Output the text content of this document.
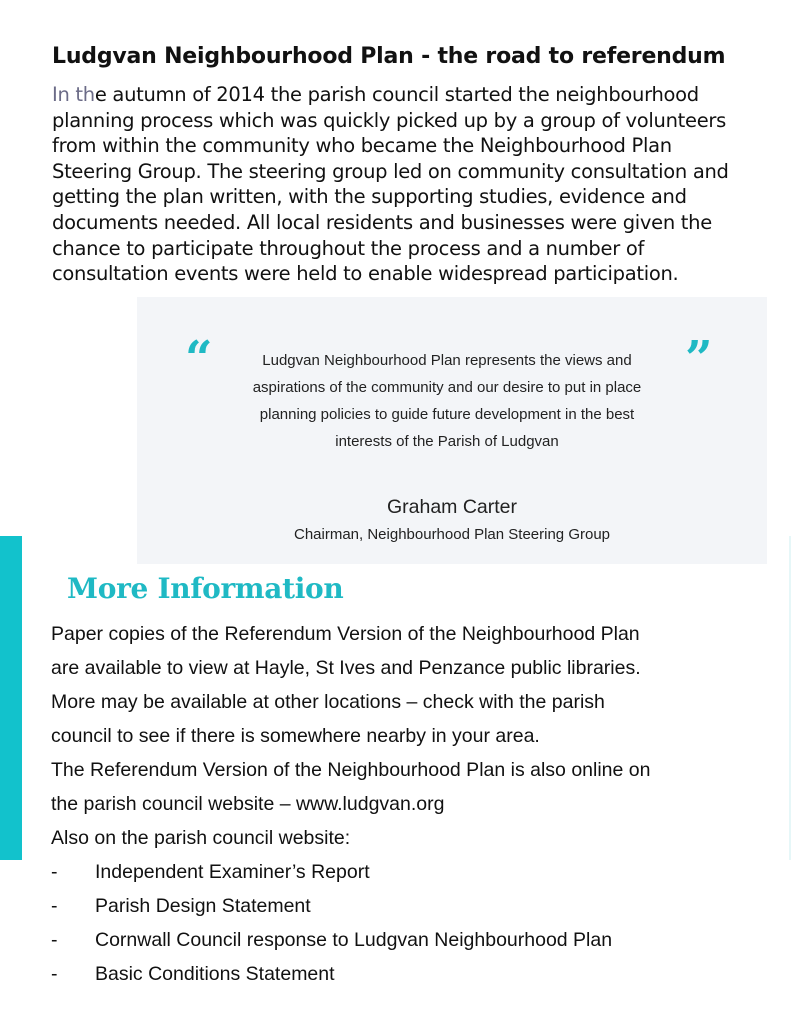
Ludgvan Neighbourhood Plan - the road to referendum

In the autumn of 2014 the parish council started the neighbourhood planning process which was quickly picked up by a group of volunteers from within the community who became the Neighbourhood Plan Steering Group. The steering group led on community consultation and getting the plan written, with the supporting studies, evidence and documents needed. All local residents and businesses were given the chance to participate throughout the process and a number of consultation events were held to enable widespread participation.

“	”

Ludgvan Neighbourhood Plan represents the views and aspirations of the community and our desire to put in place planning policies to guide future development in the best interests of the Parish of Ludgvan

Graham Carter
Chairman, Neighbourhood Plan Steering Group
More Information

Paper copies of the Referendum Version of the Neighbourhood Plan

are available to view at Hayle, St Ives and Penzance public libraries.

More may be available at other locations – check with the parish

council to see if there is somewhere nearby in your area.

The Referendum Version of the Neighbourhood Plan is also online on

the parish council website – www.ludgvan.org

Also on the parish council website:

-	Independent Examiner’s Report
-	Parish Design Statement
-	Cornwall Council response to Ludgvan Neighbourhood Plan
-	Basic Conditions Statement
